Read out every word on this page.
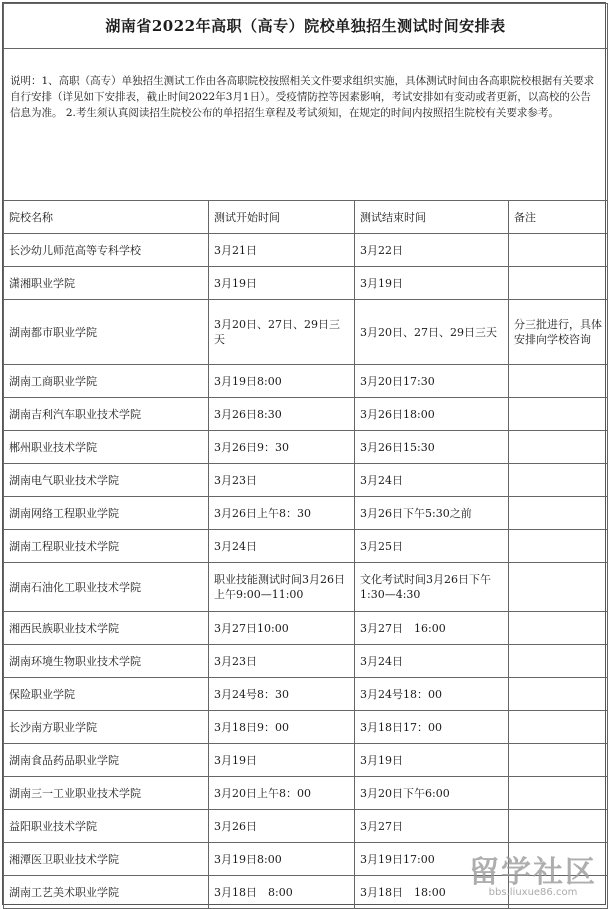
湖南省2022年高职（高专）院校单独招生测试时间安排表			
说明：1、高职（高专）单独招生测试工作由各高职院校按照相关文件要求组织实施，具体测试时间由各高职院校根据有关要求自行安排（详见如下安排表，截止时间2022年3月1日）。受疫情防控等因素影响，考试安排如有变动或者更新，以高校的公告信息为准。 2.考生须认真阅读招生院校公布的单招招生章程及考试须知，在规定的时间内按照招生院校有关要求参考。			
院校名称	测试开始时间	测试结束时间	备注
长沙幼儿师范高等专科学校	3月21日	3月22日	
潇湘职业学院	3月19日	3月19日	
湖南都市职业学院	3月20日、27日、29日三天	3月20日、27日、29日三天	分三批进行，具体安排向学校咨询
湖南工商职业学院	3月19日8:00	3月20日17:30	
湖南吉利汽车职业技术学院	3月26日8:30	3月26日18:00	
郴州职业技术学院	3月26日9：30	3月26日15:30	
湖南电气职业技术学院	3月23日	3月24日	
湖南网络工程职业学院	3月26日上午8：30	3月26日下午5:30之前	
湖南工程职业技术学院	3月24日	3月25日	
湖南石油化工职业技术学院	职业技能测试时间3月26日上午9:00—11:00	文化考试时间3月26日下午1:30—4:30	
湘西民族职业技术学院	3月27日10:00	3月27日　16:00	
湖南环境生物职业技术学院	3月23日	3月24日	
保险职业学院	3月24号8：30	3月24号18：00	
长沙南方职业学院	3月18日9：00	3月18日17：00	
湖南食品药品职业学院	3月19日	3月19日	
湖南三一工业职业技术学院	3月20日上午8：00	3月20日下午6:00	
益阳职业技术学院	3月26日	3月27日	
湘潭医卫职业技术学院	3月19日8:00	3月19日17:00	
湖南工艺美术职业学院	3月18日　8:00	3月18日　18:00	
留学社区
bbs.liuxue86.com
